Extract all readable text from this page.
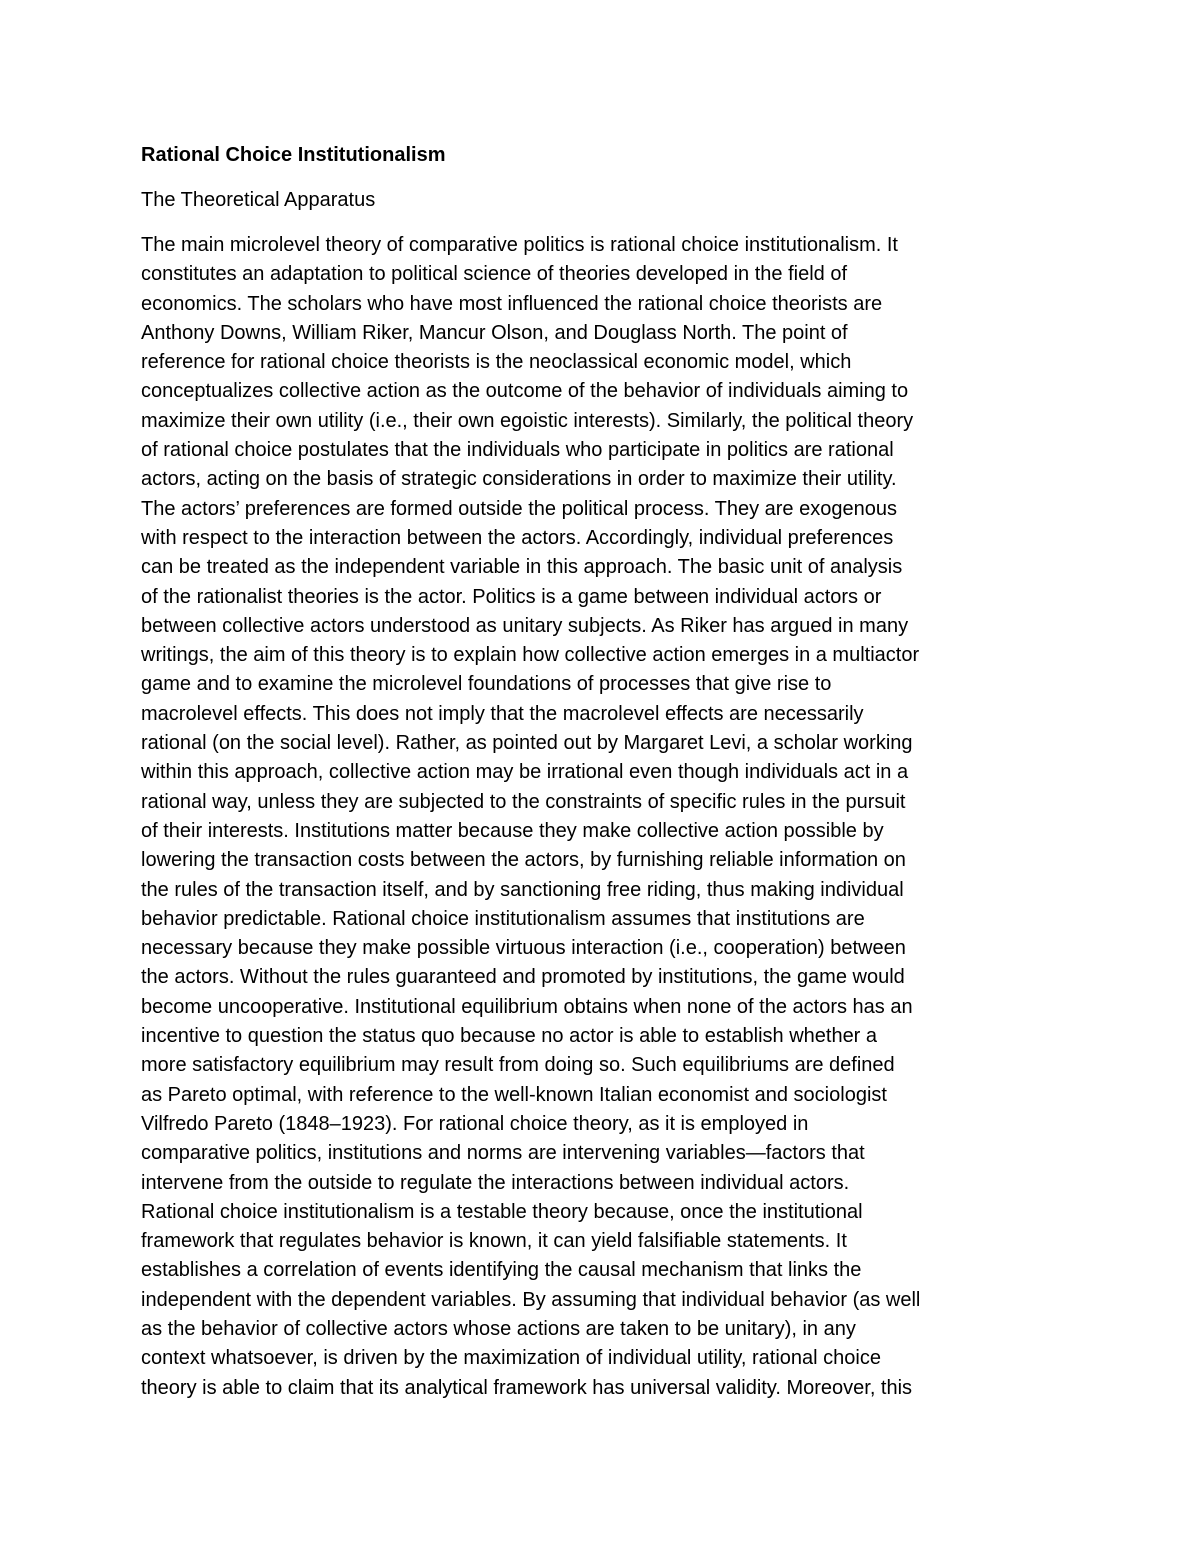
Rational Choice Institutionalism

The Theoretical Apparatus

The main microlevel theory of comparative politics is rational choice institutionalism. It
constitutes an adaptation to political science of theories developed in the field of
economics. The scholars who have most influenced the rational choice theorists are
Anthony Downs, William Riker, Mancur Olson, and Douglass North. The point of
reference for rational choice theorists is the neoclassical economic model, which
conceptualizes collective action as the outcome of the behavior of individuals aiming to
maximize their own utility (i.e., their own egoistic interests). Similarly, the political theory
of rational choice postulates that the individuals who participate in politics are rational
actors, acting on the basis of strategic considerations in order to maximize their utility.
The actors’ preferences are formed outside the political process. They are exogenous
with respect to the interaction between the actors. Accordingly, individual preferences
can be treated as the independent variable in this approach. The basic unit of analysis
of the rationalist theories is the actor. Politics is a game between individual actors or
between collective actors understood as unitary subjects. As Riker has argued in many
writings, the aim of this theory is to explain how collective action emerges in a multiactor
game and to examine the microlevel foundations of processes that give rise to
macrolevel effects. This does not imply that the macrolevel effects are necessarily
rational (on the social level). Rather, as pointed out by Margaret Levi, a scholar working
within this approach, collective action may be irrational even though individuals act in a
rational way, unless they are subjected to the constraints of specific rules in the pursuit
of their interests. Institutions matter because they make collective action possible by
lowering the transaction costs between the actors, by furnishing reliable information on
the rules of the transaction itself, and by sanctioning free riding, thus making individual
behavior predictable. Rational choice institutionalism assumes that institutions are
necessary because they make possible virtuous interaction (i.e., cooperation) between
the actors. Without the rules guaranteed and promoted by institutions, the game would
become uncooperative. Institutional equilibrium obtains when none of the actors has an
incentive to question the status quo because no actor is able to establish whether a
more satisfactory equilibrium may result from doing so. Such equilibriums are defined
as Pareto optimal, with reference to the well-known Italian economist and sociologist
Vilfredo Pareto (1848–1923). For rational choice theory, as it is employed in
comparative politics, institutions and norms are intervening variables—factors that
intervene from the outside to regulate the interactions between individual actors.
Rational choice institutionalism is a testable theory because, once the institutional
framework that regulates behavior is known, it can yield falsifiable statements. It
establishes a correlation of events identifying the causal mechanism that links the
independent with the dependent variables. By assuming that individual behavior (as well
as the behavior of collective actors whose actions are taken to be unitary), in any
context whatsoever, is driven by the maximization of individual utility, rational choice
theory is able to claim that its analytical framework has universal validity. Moreover, this
